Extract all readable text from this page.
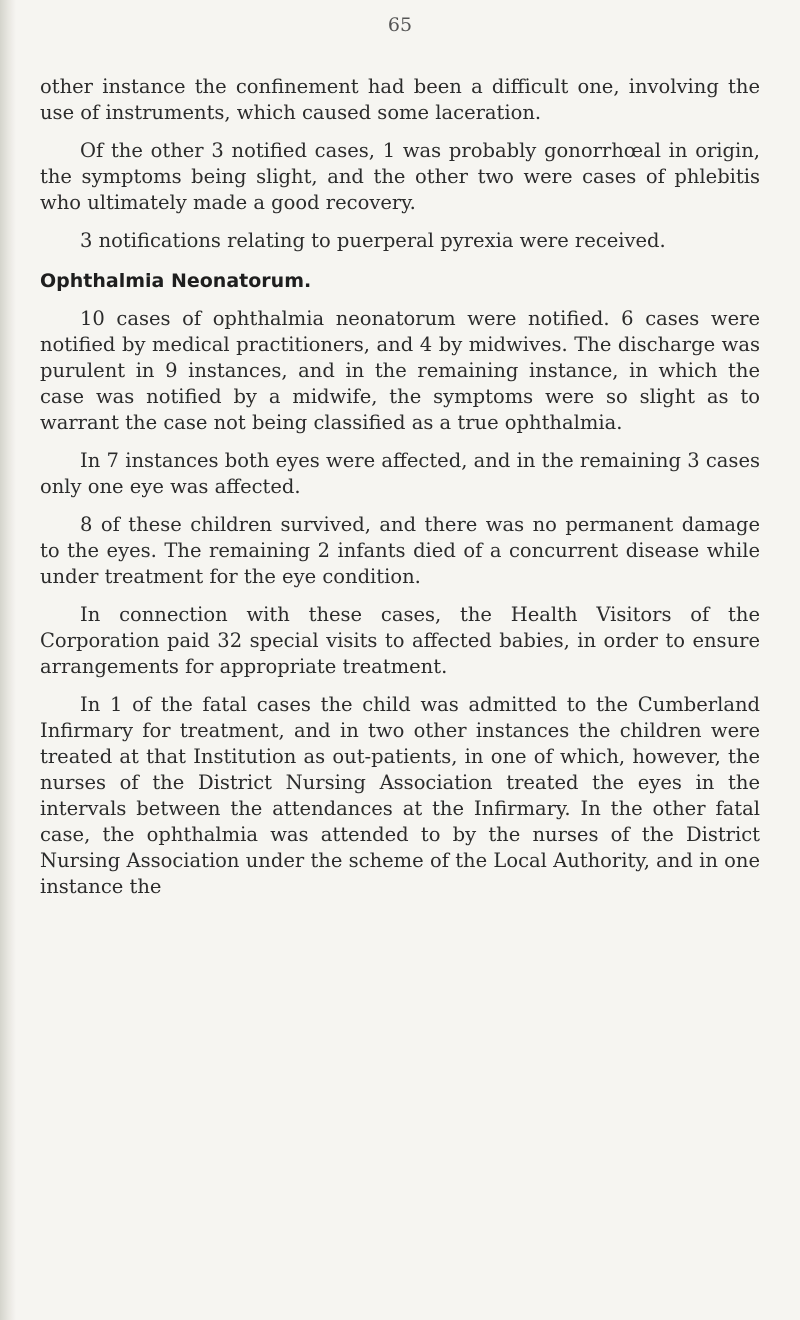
65

other instance the confinement had been a difficult one, involving the use of instruments, which caused some laceration.

Of the other 3 notified cases, 1 was probably gonorrhœal in origin, the symptoms being slight, and the other two were cases of phlebitis who ultimately made a good recovery.

3 notifications relating to puerperal pyrexia were received.

Ophthalmia Neonatorum.

10 cases of ophthalmia neonatorum were notified. 6 cases were notified by medical practitioners, and 4 by midwives. The discharge was purulent in 9 instances, and in the remaining instance, in which the case was notified by a midwife, the symptoms were so slight as to warrant the case not being classified as a true ophthalmia.

In 7 instances both eyes were affected, and in the remaining 3 cases only one eye was affected.

8 of these children survived, and there was no permanent damage to the eyes. The remaining 2 infants died of a concurrent disease while under treatment for the eye condition.

In connection with these cases, the Health Visitors of the Corporation paid 32 special visits to affected babies, in order to ensure arrangements for appropriate treatment.

In 1 of the fatal cases the child was admitted to the Cumberland Infirmary for treatment, and in two other instances the children were treated at that Institution as out-patients, in one of which, however, the nurses of the District Nursing Association treated the eyes in the intervals between the attendances at the Infirmary. In the other fatal case, the ophthalmia was attended to by the nurses of the District Nursing Association under the scheme of the Local Authority, and in one instance the
